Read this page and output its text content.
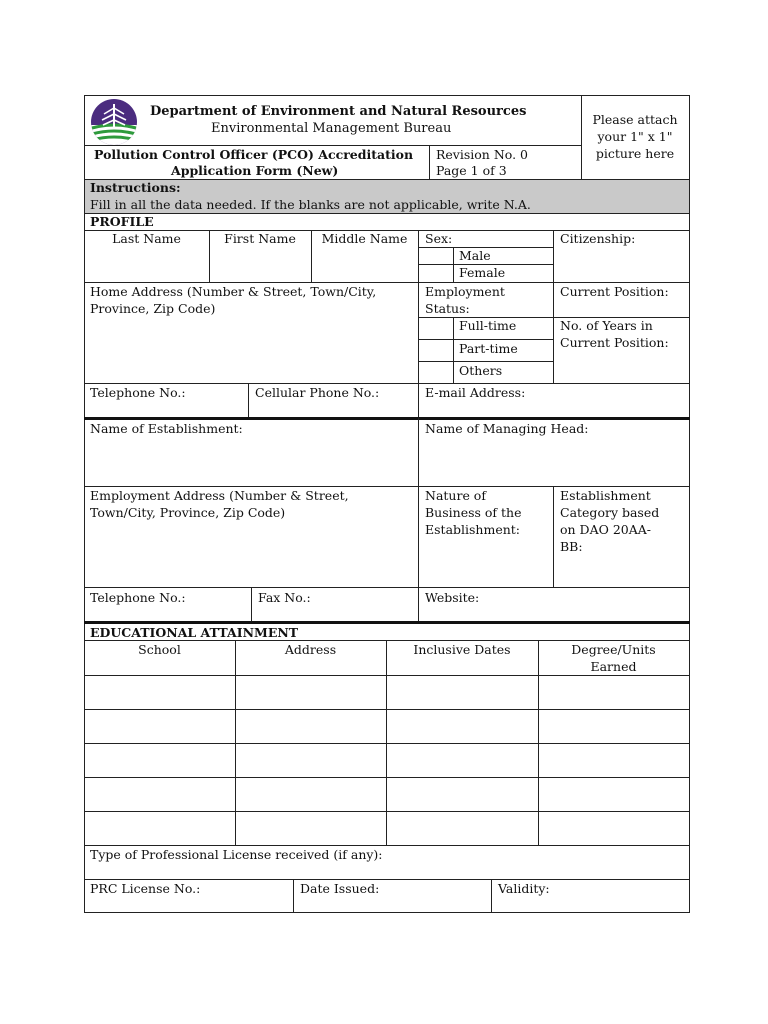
Department of Environment and Natural Resources
Environmental Management Bureau
Please attach
your 1" x 1"
picture here
Pollution Control Officer (PCO) Accreditation
Application Form (New)
Revision No. 0
Page 1 of 3
Instructions:
Fill in all the data needed. If the blanks are not applicable, write N.A.
PROFILE
Last Name	First Name	Middle Name	Sex:
Male
Female
Citizenship:
Home Address (Number & Street, Town/City,
Province, Zip Code)
Employment
Status:
Full-time
Part-time
Others
Current Position:
No. of Years in
Current Position:
Telephone No.:	Cellular Phone No.:	E-mail Address:
Name of Establishment:	Name of Managing Head:
Employment Address (Number & Street,
Town/City, Province, Zip Code)
Nature of
Business of the
Establishment:
Establishment
Category based
on DAO 20AA-
BB:
Telephone No.:	Fax No.:	Website:
EDUCATIONAL ATTAINMENT
School	Address	Inclusive Dates	Degree/Units
Earned
Type of Professional License received (if any):
PRC License No.:	Date Issued:	Validity:
